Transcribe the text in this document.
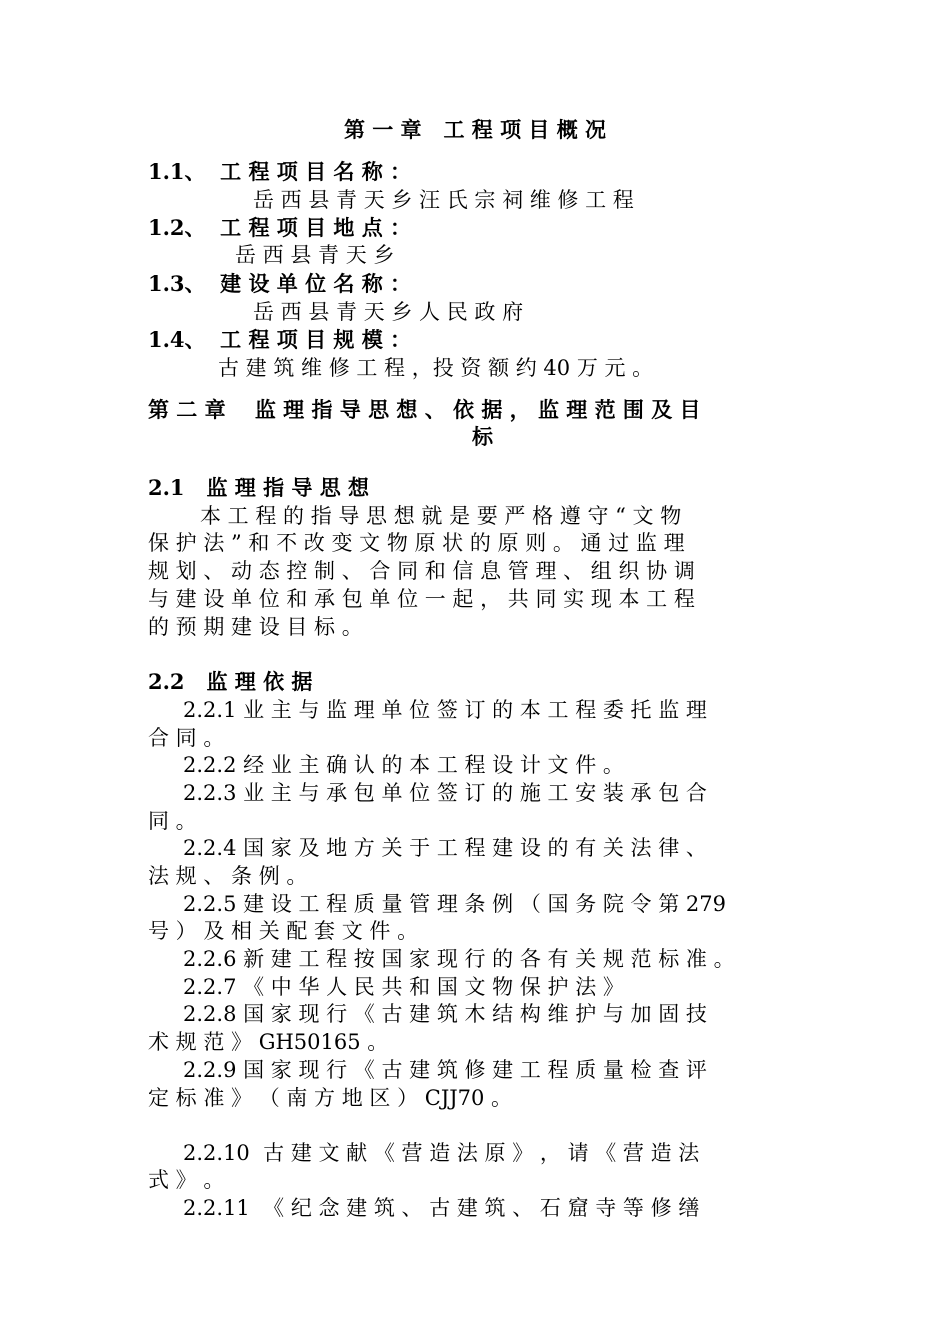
第 一 章   工 程 项 目 概 况
1.1、  工 程 项 目 名 称 ：
岳 西 县 青 天 乡 汪 氏 宗 祠 维 修 工 程
1.2、  工 程 项 目 地 点 ：
岳 西 县 青 天 乡
1.3、  建 设 单 位 名 称 ：
岳 西 县 青 天 乡 人 民 政 府
1.4、  工 程 项 目 规 模 ：
古 建 筑 维 修 工 程 ，投 资 额 约 40 万 元 。
第 二 章    监 理 指 导 思 想 、 依 据 ， 监 理 范 围 及 目
标
2.1   监 理 指 导 思 想
本 工 程 的 指 导 思 想 就 是 要 严 格 遵 守 “ 文 物
保 护 法 ” 和 不 改 变 文 物 原 状 的 原 则 。 通 过 监 理
规 划 、 动 态 控 制 、 合 同 和 信 息 管 理 、 组 织 协 调
与 建 设 单 位 和 承 包 单 位 一 起 ， 共 同 实 现 本 工 程
的 预 期 建 设 目 标 。
2.2   监 理 依 据
2.2.1 业 主 与 监 理 单 位 签 订 的 本 工 程 委 托 监 理
合 同 。
2.2.2 经 业 主 确 认 的 本 工 程 设 计 文 件 。
2.2.3 业 主 与 承 包 单 位 签 订 的 施 工 安 装 承 包 合
同 。
2.2.4 国 家 及 地 方 关 于 工 程 建 设 的 有 关 法 律 、
法 规 、 条 例 。
2.2.5 建 设 工 程 质 量 管 理 条 例 （ 国 务 院 令 第 279
号 ） 及 相 关 配 套 文 件 。
2.2.6 新 建 工 程 按 国 家 现 行 的 各 有 关 规 范 标 准 。
2.2.7 《 中 华 人 民 共 和 国 文 物 保 护 法 》
2.2.8 国 家 现 行 《 古 建 筑 木 结 构 维 护 与 加 固 技
术 规 范 》 GH50165 。
2.2.9 国 家 现 行 《 古 建 筑 修 建 工 程 质 量 检 查 评
定 标 准 》 （ 南 方 地 区 ） CJJ70 。
2.2.10  古 建 文 献 《 营 造 法 原 》 ， 请 《 营 造 法
式 》 。
2.2.11  《 纪 念 建 筑 、 古 建 筑 、 石 窟 寺 等 修 缮
